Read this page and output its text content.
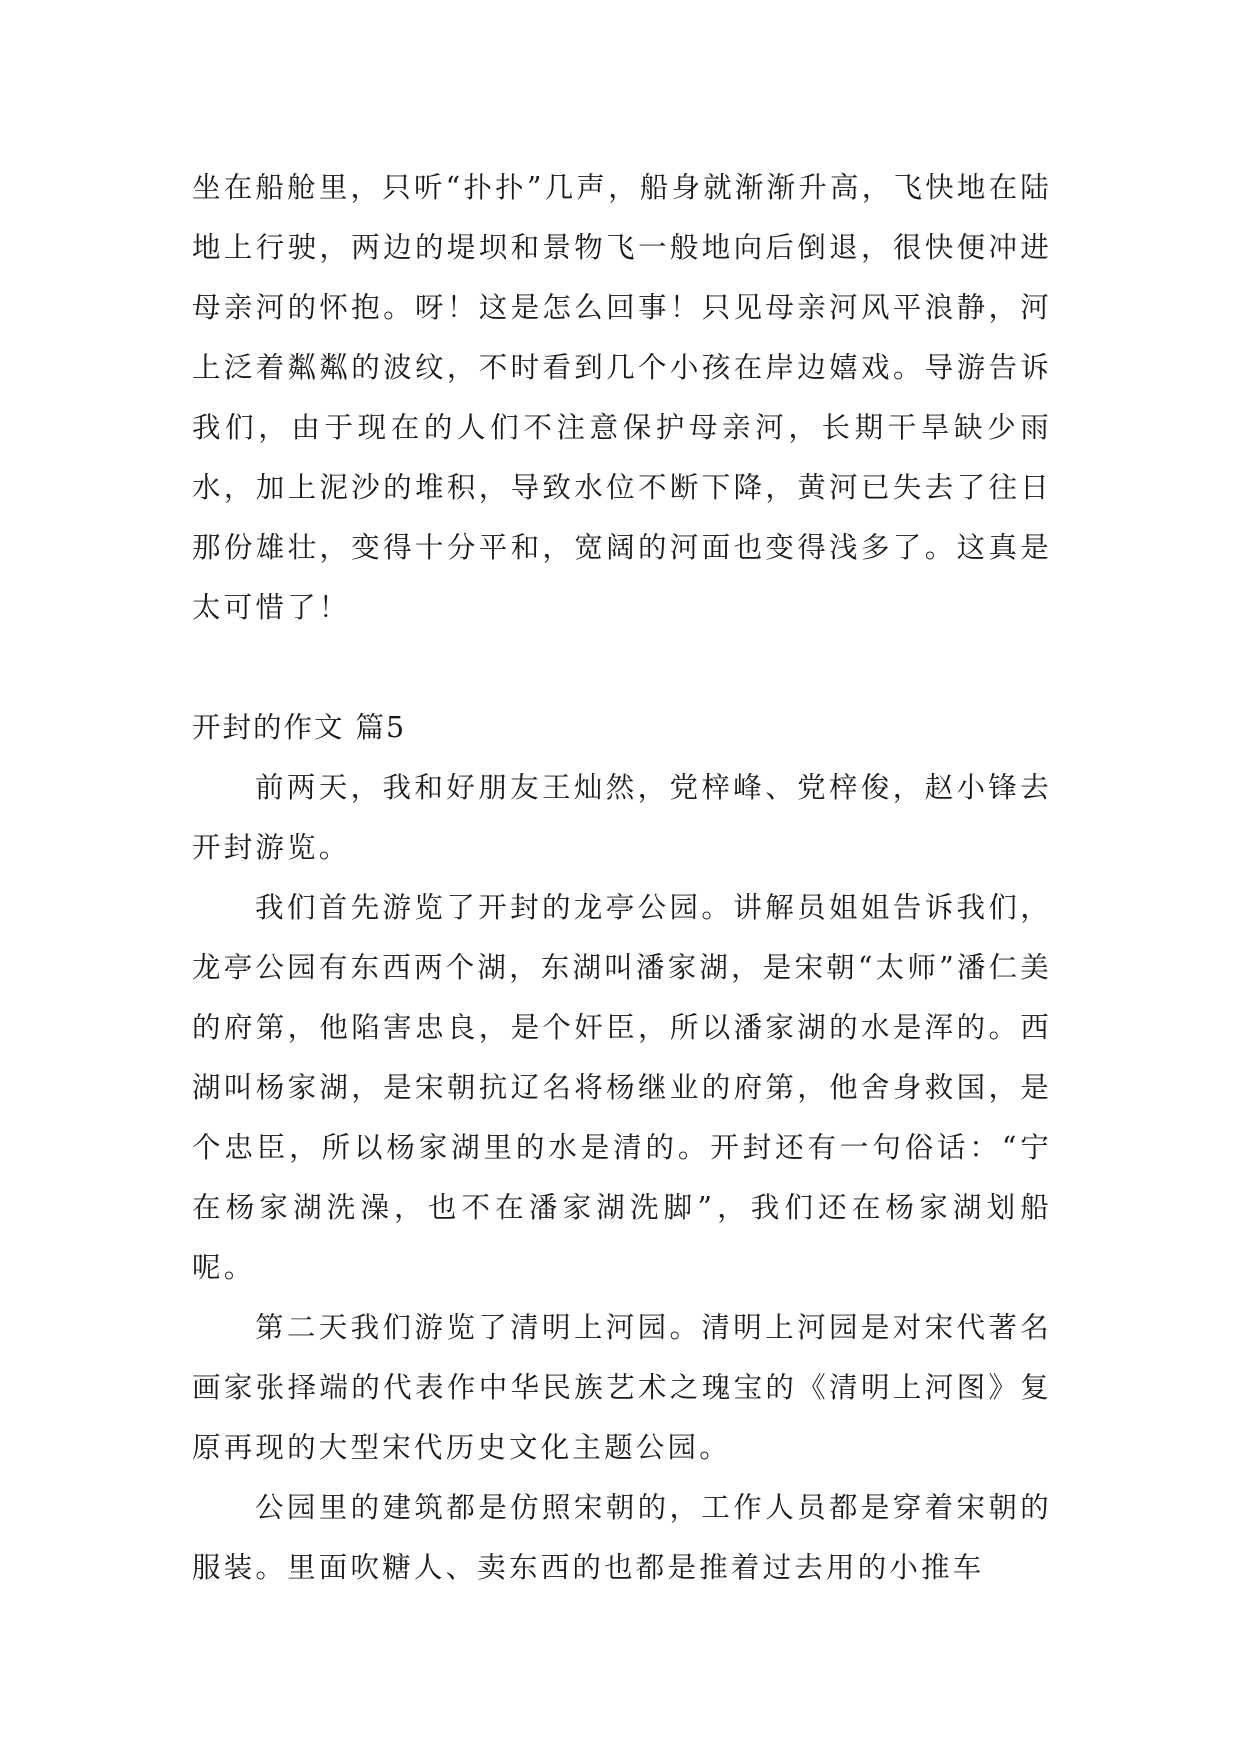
坐在船舱里，只听“扑扑”几声，船身就渐渐升高，飞快地在陆地上行驶，两边的堤坝和景物飞一般地向后倒退，很快便冲进母亲河的怀抱。呀！这是怎么回事！只见母亲河风平浪静，河上泛着粼粼的波纹，不时看到几个小孩在岸边嬉戏。导游告诉我们，由于现在的人们不注意保护母亲河，长期干旱缺少雨水，加上泥沙的堆积，导致水位不断下降，黄河已失去了往日那份雄壮，变得十分平和，宽阔的河面也变得浅多了。这真是太可惜了！

开封的作文 篇5

前两天，我和好朋友王灿然，党梓峰、党梓俊，赵小锋去开封游览。

我们首先游览了开封的龙亭公园。讲解员姐姐告诉我们，龙亭公园有东西两个湖，东湖叫潘家湖，是宋朝“太师”潘仁美的府第，他陷害忠良，是个奸臣，所以潘家湖的水是浑的。西湖叫杨家湖，是宋朝抗辽名将杨继业的府第，他舍身救国，是个忠臣，所以杨家湖里的水是清的。开封还有一句俗话：“宁在杨家湖洗澡，也不在潘家湖洗脚”，我们还在杨家湖划船呢。

第二天我们游览了清明上河园。清明上河园是对宋代著名画家张择端的代表作中华民族艺术之瑰宝的《清明上河图》复原再现的大型宋代历史文化主题公园。

公园里的建筑都是仿照宋朝的，工作人员都是穿着宋朝的服装。里面吹糖人、卖东西的也都是推着过去用的小推车
